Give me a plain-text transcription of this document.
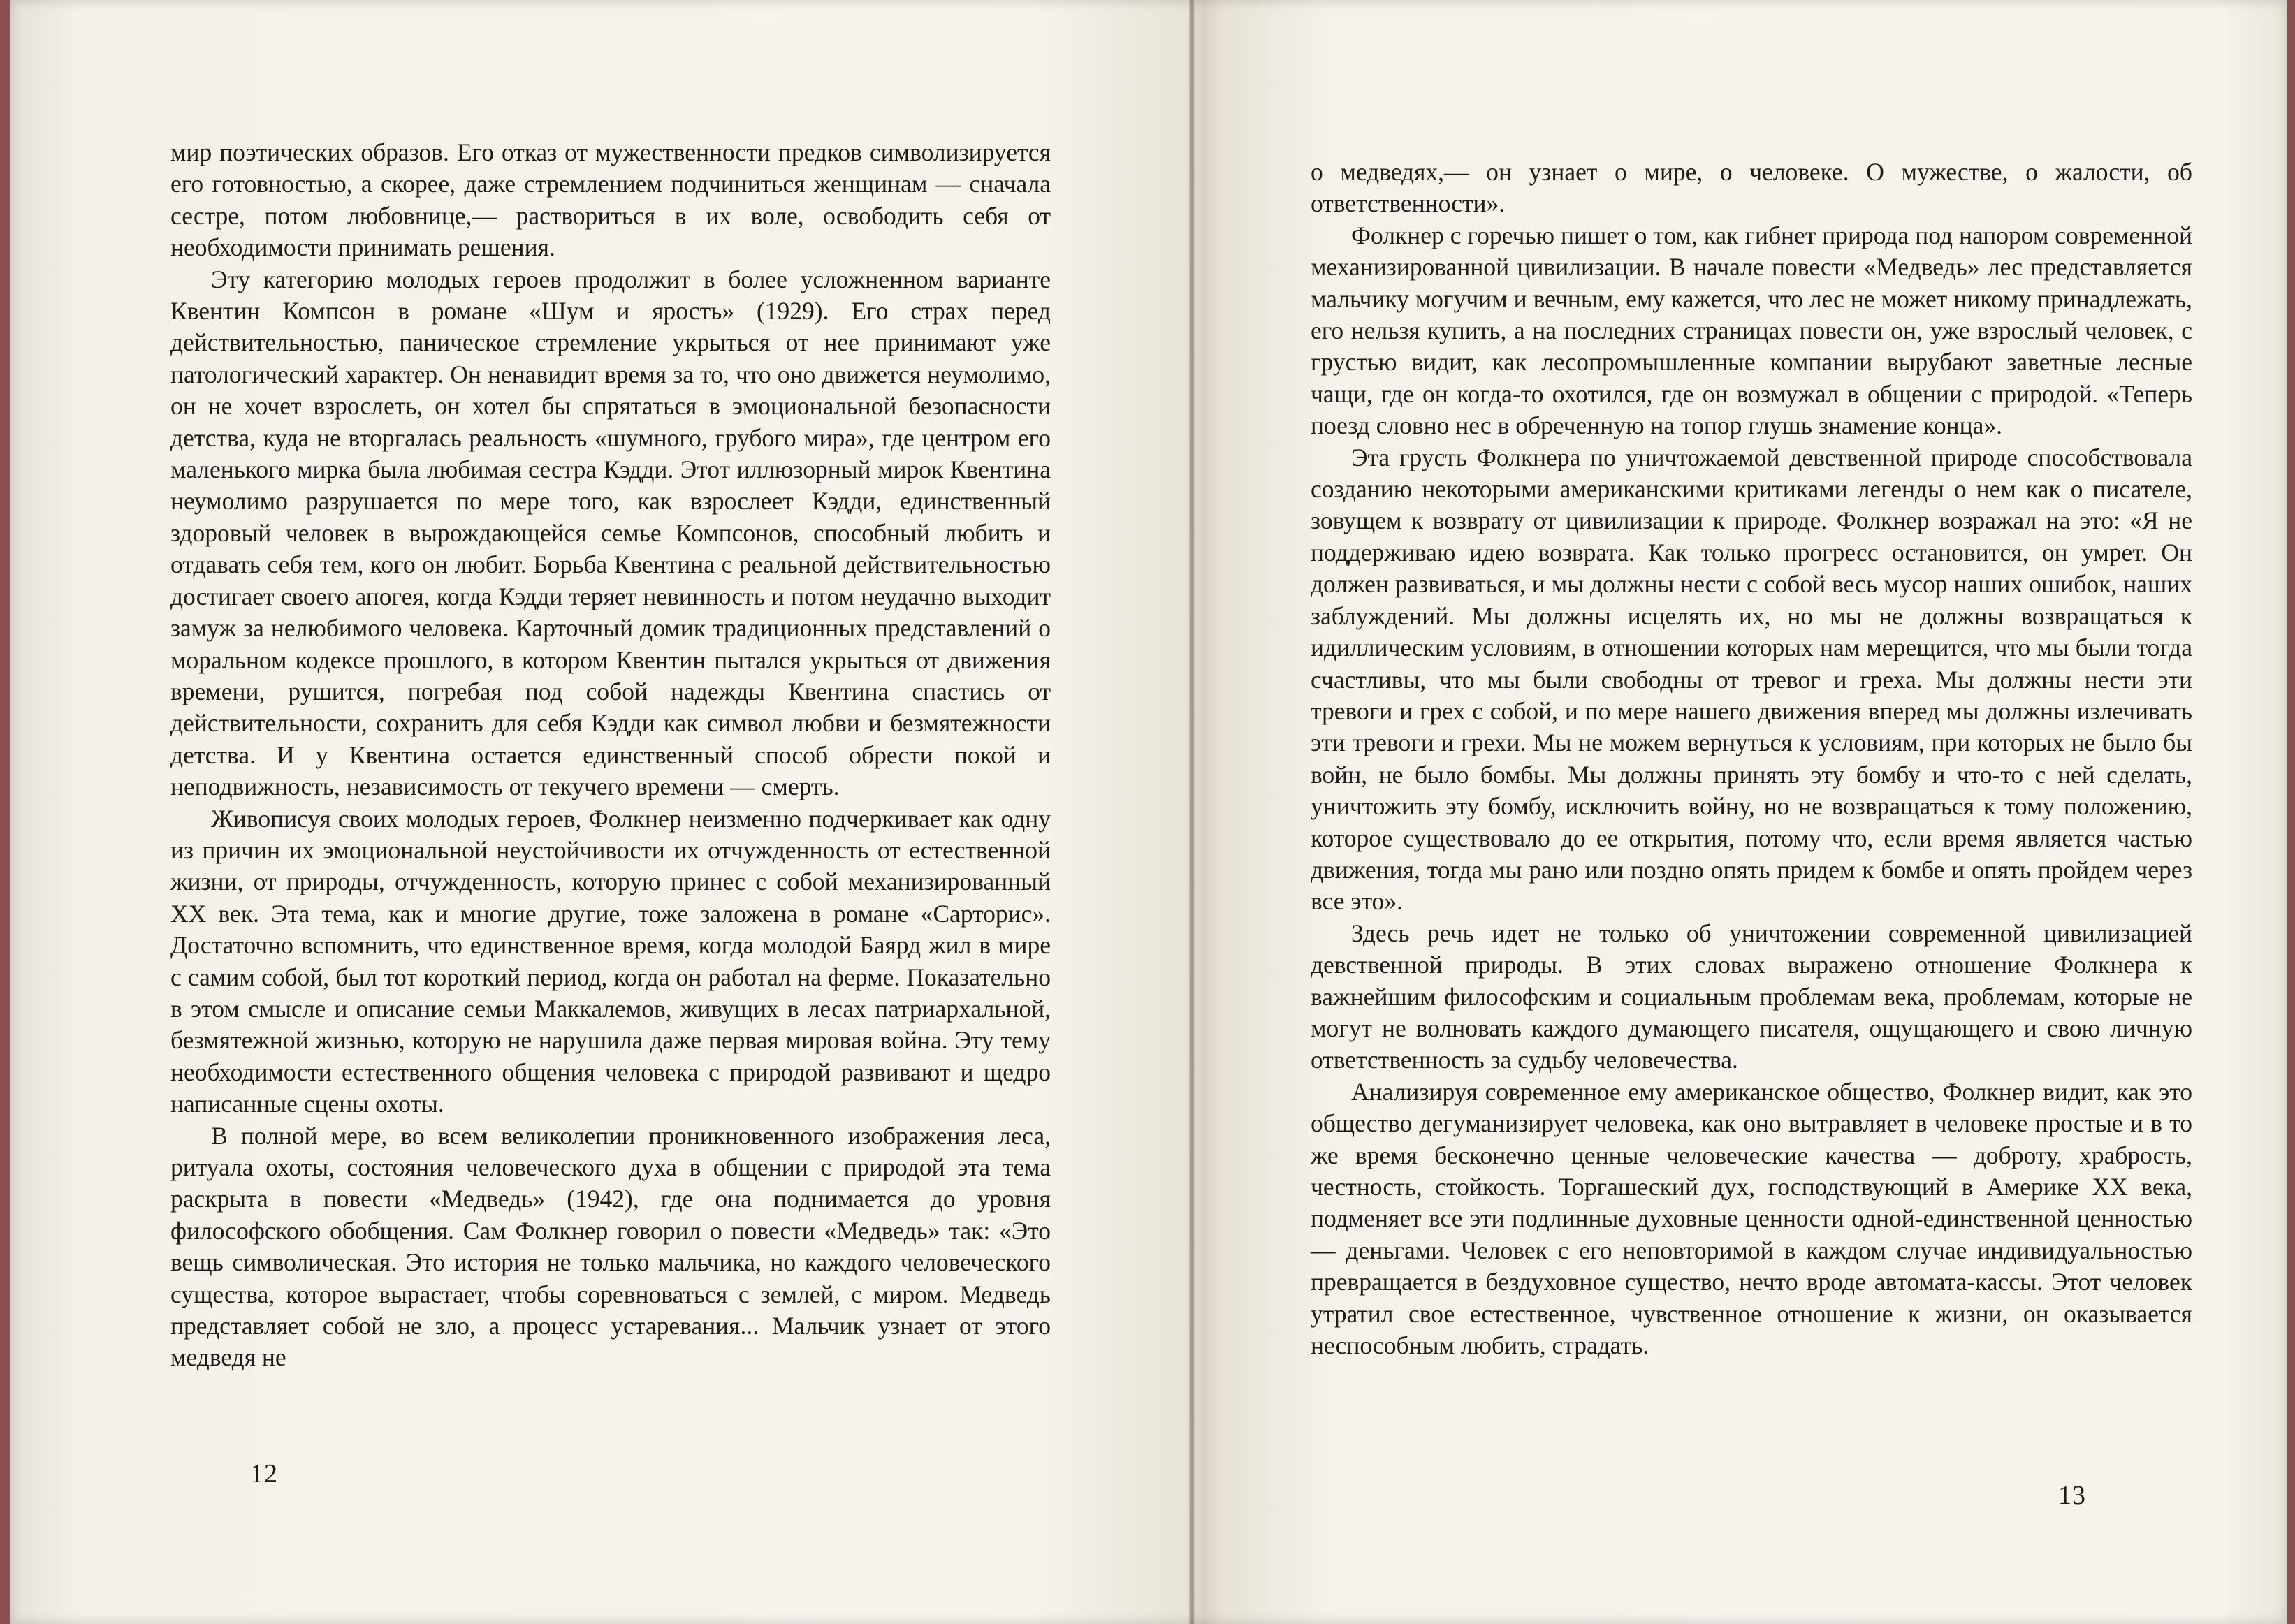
мир поэтических образов. Его отказ от мужественности предков символизируется его готовностью, а скорее, даже стремлением подчиниться женщинам — сначала сестре, потом любовнице,— раствориться в их воле, освободить себя от необходимости принимать решения.

Эту категорию молодых героев продолжит в более усложненном варианте Квентин Компсон в романе «Шум и ярость» (1929). Его страх перед действительностью, паническое стремление укрыться от нее принимают уже патологический характер. Он ненавидит время за то, что оно движется неумолимо, он не хочет взрослеть, он хотел бы спрятаться в эмоциональной безопасности детства, куда не вторгалась реальность «шумного, грубого мира», где центром его маленького мирка была любимая сестра Кэдди. Этот иллюзорный мирок Квентина неумолимо разрушается по мере того, как взрослеет Кэдди, единственный здоровый человек в вырождающейся семье Компсонов, способный любить и отдавать себя тем, кого он любит. Борьба Квентина с реальной действительностью достигает своего апогея, когда Кэдди теряет невинность и потом неудачно выходит замуж за нелюбимого человека. Карточный домик традиционных представлений о моральном кодексе прошлого, в котором Квентин пытался укрыться от движения времени, рушится, погребая под собой надежды Квентина спастись от действительности, сохранить для себя Кэдди как символ любви и безмятежности детства. И у Квентина остается единственный способ обрести покой и неподвижность, независимость от текучего времени — смерть.

Живописуя своих молодых героев, Фолкнер неизменно подчеркивает как одну из причин их эмоциональной неустойчивости их отчужденность от естественной жизни, от природы, отчужденность, которую принес с собой механизированный XX век. Эта тема, как и многие другие, тоже заложена в романе «Сарторис». Достаточно вспомнить, что единственное время, когда молодой Баярд жил в мире с самим собой, был тот короткий период, когда он работал на ферме. Показательно в этом смысле и описание семьи Маккалемов, живущих в лесах патриархальной, безмятежной жизнью, которую не нарушила даже первая мировая война. Эту тему необходимости естественного общения человека с природой развивают и щедро написанные сцены охоты.

В полной мере, во всем великолепии проникновенного изображения леса, ритуала охоты, состояния человеческого духа в общении с природой эта тема раскрыта в повести «Медведь» (1942), где она поднимается до уровня философского обобщения. Сам Фолкнер говорил о повести «Медведь» так: «Это вещь символическая. Это история не только мальчика, но каждого человеческого существа, которое вырастает, чтобы соревноваться с землей, с миром. Медведь представляет собой не зло, а процесс устаревания... Мальчик узнает от этого медведя не

12

о медведях,— он узнает о мире, о человеке. О мужестве, о жалости, об ответственности».

Фолкнер с горечью пишет о том, как гибнет природа под напором современной механизированной цивилизации. В начале повести «Медведь» лес представляется мальчику могучим и вечным, ему кажется, что лес не может никому принадлежать, его нельзя купить, а на последних страницах повести он, уже взрослый человек, с грустью видит, как лесопромышленные компании вырубают заветные лесные чащи, где он когда-то охотился, где он возмужал в общении с природой. «Теперь поезд словно нес в обреченную на топор глушь знамение конца».

Эта грусть Фолкнера по уничтожаемой девственной природе способствовала созданию некоторыми американскими критиками легенды о нем как о писателе, зовущем к возврату от цивилизации к природе. Фолкнер возражал на это: «Я не поддерживаю идею возврата. Как только прогресс остановится, он умрет. Он должен развиваться, и мы должны нести с собой весь мусор наших ошибок, наших заблуждений. Мы должны исцелять их, но мы не должны возвращаться к идиллическим условиям, в отношении которых нам мерещится, что мы были тогда счастливы, что мы были свободны от тревог и греха. Мы должны нести эти тревоги и грех с собой, и по мере нашего движения вперед мы должны излечивать эти тревоги и грехи. Мы не можем вернуться к условиям, при которых не было бы войн, не было бомбы. Мы должны принять эту бомбу и что-то с ней сделать, уничтожить эту бомбу, исключить войну, но не возвращаться к тому положению, которое существовало до ее открытия, потому что, если время является частью движения, тогда мы рано или поздно опять придем к бомбе и опять пройдем через все это».

Здесь речь идет не только об уничтожении современной цивилизацией девственной природы. В этих словах выражено отношение Фолкнера к важнейшим философским и социальным проблемам века, проблемам, которые не могут не волновать каждого думающего писателя, ощущающего и свою личную ответственность за судьбу человечества.

Анализируя современное ему американское общество, Фолкнер видит, как это общество дегуманизирует человека, как оно вытравляет в человеке простые и в то же время бесконечно ценные человеческие качества — доброту, храбрость, честность, стойкость. Торгашеский дух, господствующий в Америке XX века, подменяет все эти подлинные духовные ценности одной-единственной ценностью — деньгами. Человек с его неповторимой в каждом случае индивидуальностью превращается в бездуховное существо, нечто вроде автомата-кассы. Этот человек утратил свое естественное, чувственное отношение к жизни, он оказывается неспособным любить, страдать.

13
